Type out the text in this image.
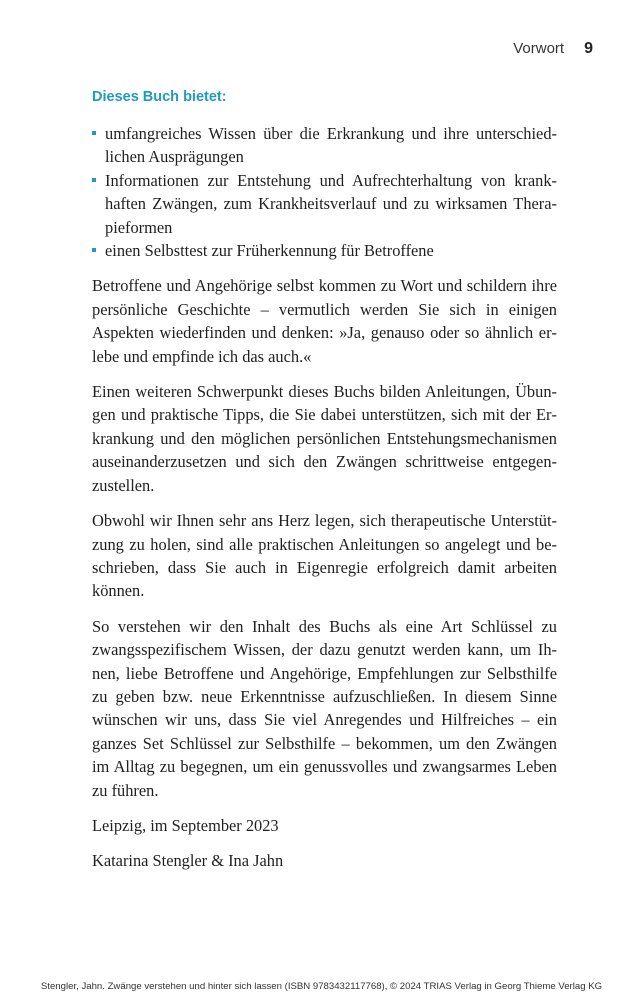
Vorwort 9
Dieses Buch bietet:
umfangreiches Wissen über die Erkrankung und ihre unterschiedlichen Ausprägungen
Informationen zur Entstehung und Aufrechterhaltung von krankhaften Zwängen, zum Krankheitsverlauf und zu wirksamen Therapieformen
einen Selbsttest zur Früherkennung für Betroffene

Betroffene und Angehörige selbst kommen zu Wort und schildern ihre persönliche Geschichte – vermutlich werden Sie sich in einigen Aspekten wiederfinden und denken: »Ja, genauso oder so ähnlich erlebe und empfinde ich das auch.«

Einen weiteren Schwerpunkt dieses Buchs bilden Anleitungen, Übungen und praktische Tipps, die Sie dabei unterstützen, sich mit der Erkrankung und den möglichen persönlichen Entstehungsmechanismen auseinanderzusetzen und sich den Zwängen schrittweise entgegenzustellen.

Obwohl wir Ihnen sehr ans Herz legen, sich therapeutische Unterstützung zu holen, sind alle praktischen Anleitungen so angelegt und beschrieben, dass Sie auch in Eigenregie erfolgreich damit arbeiten können.

So verstehen wir den Inhalt des Buchs als eine Art Schlüssel zu zwangsspezifischem Wissen, der dazu genutzt werden kann, um Ihnen, liebe Betroffene und Angehörige, Empfehlungen zur Selbsthilfe zu geben bzw. neue Erkenntnisse aufzuschließen. In diesem Sinne wünschen wir uns, dass Sie viel Anregendes und Hilfreiches – ein ganzes Set Schlüssel zur Selbsthilfe – bekommen, um den Zwängen im Alltag zu begegnen, um ein genussvolles und zwangsarmes Leben zu führen.

Leipzig, im September 2023

Katarina Stengler & Ina Jahn

Stengler, Jahn. Zwänge verstehen und hinter sich lassen (ISBN 9783432117768), © 2024 TRIAS Verlag in Georg Thieme Verlag KG
